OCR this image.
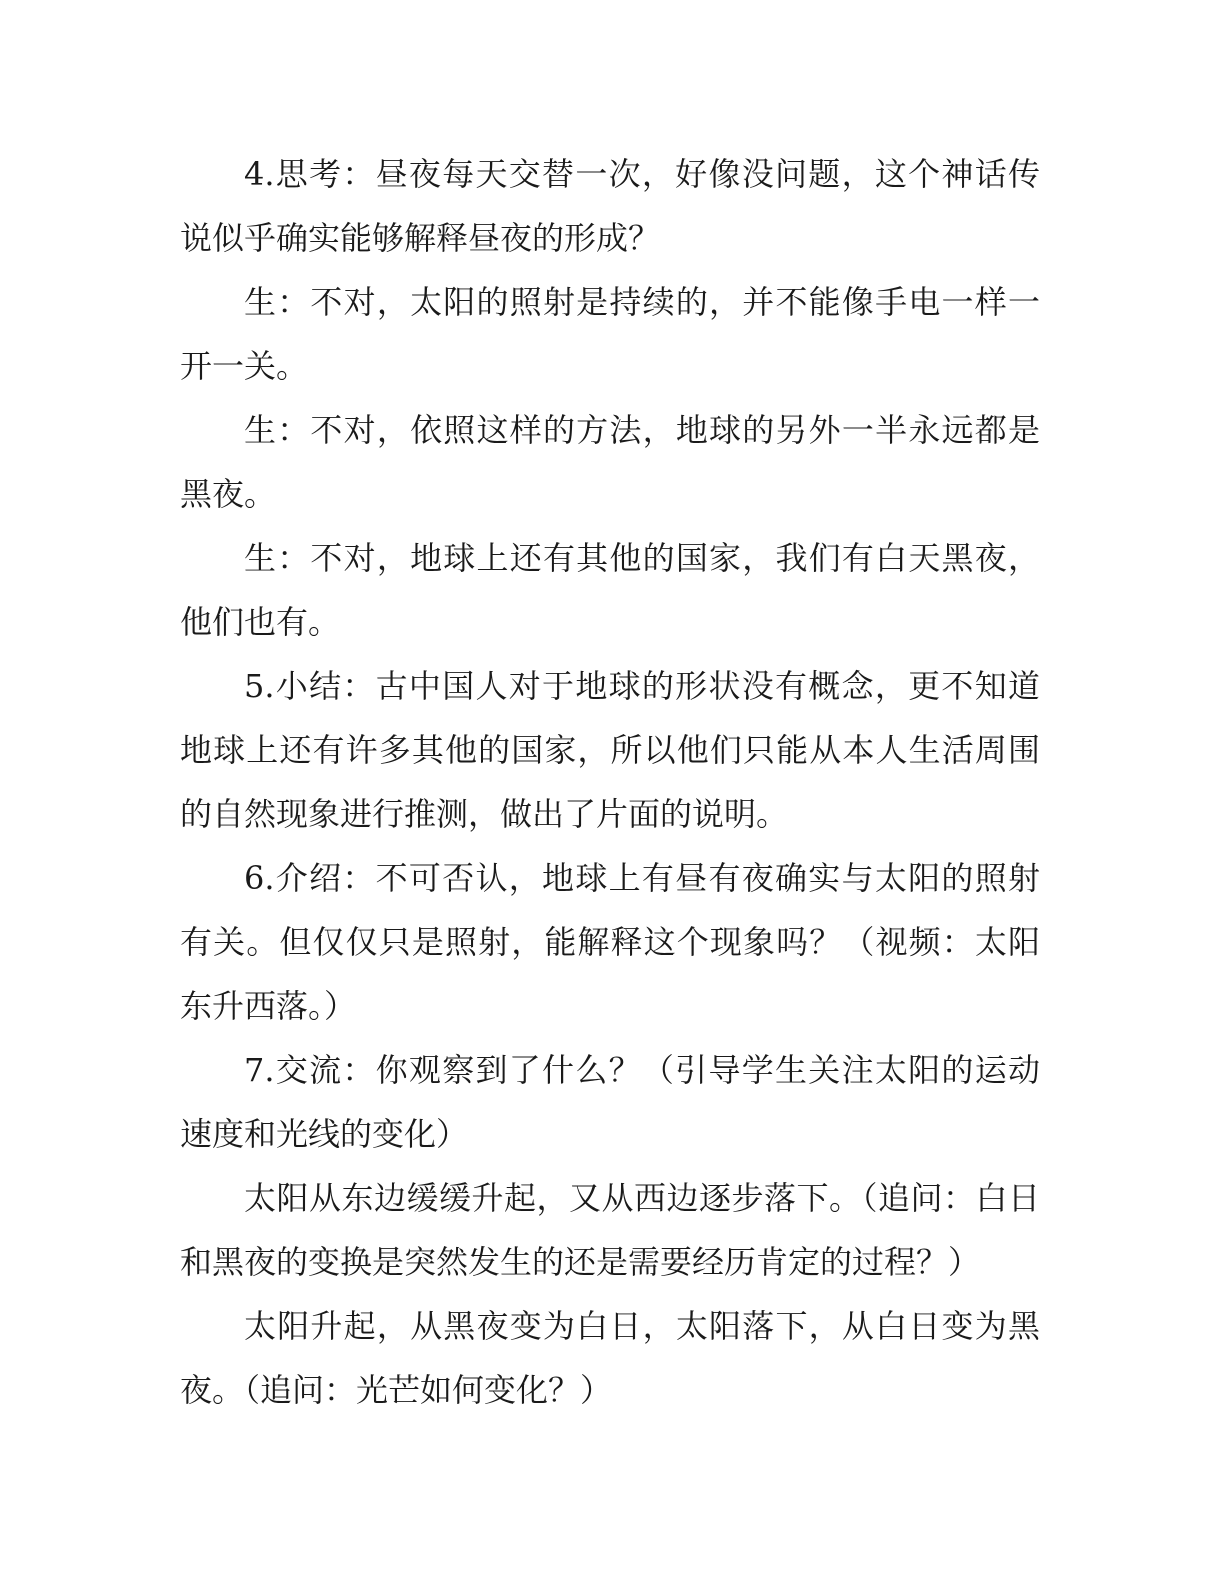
4.思考：昼夜每天交替一次，好像没问题，这个神话传说似乎确实能够解释昼夜的形成？

生：不对，太阳的照射是持续的，并不能像手电一样一开一关。

生：不对，依照这样的方法，地球的另外一半永远都是黑夜。

生：不对，地球上还有其他的国家，我们有白天黑夜，他们也有。

5.小结：古中国人对于地球的形状没有概念，更不知道地球上还有许多其他的国家，所以他们只能从本人生活周围的自然现象进行推测，做出了片面的说明。

6.介绍：不可否认，地球上有昼有夜确实与太阳的照射有关。但仅仅只是照射，能解释这个现象吗？（视频：太阳东升西落。）

7.交流：你观察到了什么？（引导学生关注太阳的运动速度和光线的变化）

太阳从东边缓缓升起，又从西边逐步落下。（追问：白日和黑夜的变换是突然发生的还是需要经历肯定的过程？）

太阳升起，从黑夜变为白日，太阳落下，从白日变为黑夜。（追问：光芒如何变化？）
